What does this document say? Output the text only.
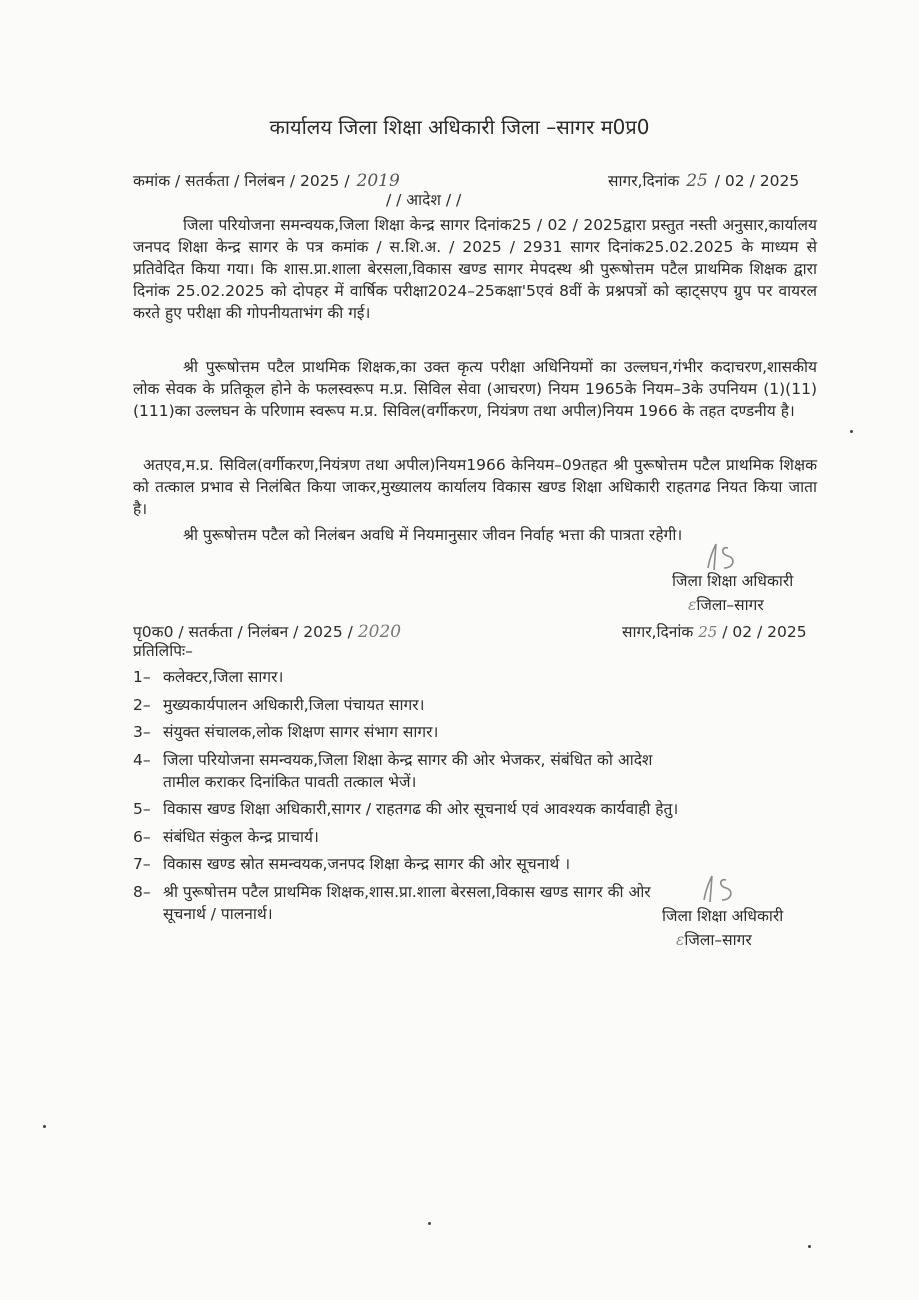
कार्यालय जिला शिक्षा अधिकारी जिला –सागर म0प्र0
कमांक / सतर्कता / निलंबन / 2025 / 2019	सागर,दिनांक 25 / 02 / 2025
/ / आदेश / /
जिला परियोजना समन्वयक,जिला शिक्षा केन्द्र सागर दिनांक25 / 02 / 2025द्वारा प्रस्तुत नस्ती अनुसार,कार्यालय जनपद शिक्षा केन्द्र सागर के पत्र कमांक / स.शि.अ. / 2025 / 2931 सागर दिनांक25.02.2025 के माध्यम से प्रतिवेदित किया गया। कि शास.प्रा.शाला बेरसला,विकास खण्ड सागर मेपदस्थ श्री पुरूषोत्तम पटैल प्राथमिक शिक्षक द्वारा दिनांक 25.02.2025 को दोपहर में वार्षिक परीक्षा2024–25कक्षा'5एवं 8वीं के प्रश्नपत्रों को व्हाट्सएप ग्रुप पर वायरल करते हुए परीक्षा की गोपनीयताभंग की गई।
श्री पुरूषोत्तम पटैल प्राथमिक शिक्षक,का उक्त कृत्य परीक्षा अधिनियमों का उल्लघन,गंभीर कदाचरण,शासकीय लोक सेवक के प्रतिकूल होने के फलस्वरूप म.प्र. सिविल सेवा (आचरण) नियम 1965के नियम–3के उपनियम (1)(11)(111)का उल्लघन के परिणाम स्वरूप म.प्र. सिविल(वर्गीकरण, नियंत्रण तथा अपील)नियम 1966 के तहत दण्डनीय है।
अतएव,म.प्र. सिविल(वर्गीकरण,नियंत्रण तथा अपील)नियम1966 केनियम–09तहत श्री पुरूषोत्तम पटैल प्राथमिक शिक्षक को तत्काल प्रभाव से निलंबित किया जाकर,मुख्यालय कार्यालय विकास खण्ड शिक्षा अधिकारी राहतगढ नियत किया जाता है।
श्री पुरूषोत्तम पटैल को निलंबन अवधि में नियमानुसार जीवन निर्वाह भत्ता की पात्रता रहेगी।
जिला शिक्षा अधिकारी
εजिला–सागर
पृ0क0 / सतर्कता / निलंबन / 2025 / 2020	सागर,दिनांक 25 / 02 / 2025
प्रतिलिपिः–
1– कलेक्टर,जिला सागर।
2– मुख्यकार्यपालन अधिकारी,जिला पंचायत सागर।
3– संयुक्त संचालक,लोक शिक्षण सागर संभाग सागर।
4– जिला परियोजना समन्वयक,जिला शिक्षा केन्द्र सागर की ओर भेजकर, संबंधित को आदेश
तामील कराकर दिनांकित पावती तत्काल भेजें।
5– विकास खण्ड शिक्षा अधिकारी,सागर / राहतगढ की ओर सूचनार्थ एवं आवश्यक कार्यवाही हेतु।
6– संबंधित संकुल केन्द्र प्राचार्य।
7– विकास खण्ड स्रोत समन्वयक,जनपद शिक्षा केन्द्र सागर की ओर सूचनार्थ ।
8– श्री पुरूषोत्तम पटैल प्राथमिक शिक्षक,शास.प्रा.शाला बेरसला,विकास खण्ड सागर की ओर
सूचनार्थ / पालनार्थ।	जिला शिक्षा अधिकारी
εजिला–सागर
